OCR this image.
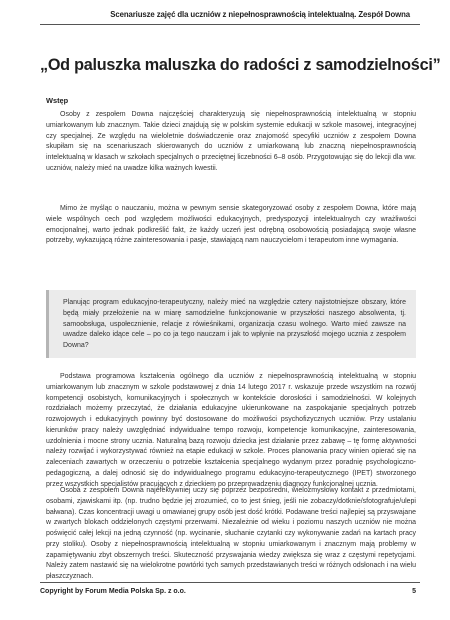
Scenariusze zajęć dla uczniów z niepełnosprawnością intelektualną. Zespół Downa
„Od paluszka maluszka do radości z samodzielności”
Wstęp

Osoby z zespołem Downa najczęściej charakteryzują się niepełnosprawnością intelektualną w stopniu umiarkowanym lub znacznym. Takie dzieci znajdują się w polskim systemie edukacji w szkole masowej, integracyjnej czy specjalnej. Ze względu na wieloletnie doświadczenie oraz znajomość specyfiki uczniów z zespołem Downa skupiłam się na scenariuszach skierowanych do uczniów z umiarkowaną lub znaczną niepełnosprawnością intelektualną w klasach w szkołach specjalnych o przeciętnej liczebności 6–8 osób. Przygotowując się do lekcji dla ww. uczniów, należy mieć na uwadze kilka ważnych kwestii.

Mimo że myśląc o nauczaniu, można w pewnym sensie skategoryzować osoby z zespołem Downa, które mają wiele wspólnych cech pod względem możliwości edukacyjnych, predyspozycji intelektualnych czy wrażliwości emocjonalnej, warto jednak podkreślić fakt, że każdy uczeń jest odrębną osobowością posiadającą swoje własne potrzeby, wykazującą różne zainteresowania i pasje, stawiającą nam nauczycielom i terapeutom inne wymagania.

Planując program edukacyjno-terapeutyczny, należy mieć na względzie cztery najistotniejsze obszary, które będą miały przełożenie na w miarę samodzielne funkcjonowanie w przyszłości naszego absolwenta, tj. samoobsługa, uspołecznienie, relacje z rówieśnikami, organizacja czasu wolnego. Warto mieć zawsze na uwadze daleko idące cele – po co ja tego nauczam i jak to wpłynie na przyszłość mojego ucznia z zespołem Downa?

Podstawa programowa kształcenia ogólnego dla uczniów z niepełnosprawnością intelektualną w stopniu umiarkowanym lub znacznym w szkole podstawowej z dnia 14 lutego 2017 r. wskazuje przede wszystkim na rozwój kompetencji osobistych, komunikacyjnych i społecznych w kontekście dorosłości i samodzielności. W kolejnych rozdziałach możemy przeczytać, że działania edukacyjne ukierunkowane na zaspokajanie specjalnych potrzeb rozwojowych i edukacyjnych powinny być dostosowane do możliwości psychofizycznych uczniów. Przy ustalaniu kierunków pracy należy uwzględniać indywidualne tempo rozwoju, kompetencje komunikacyjne, zainteresowania, uzdolnienia i mocne strony ucznia. Naturalną bazą rozwoju dziecka jest działanie przez zabawę – tę formę aktywności należy rozwijać i wykorzystywać również na etapie edukacji w szkole. Proces planowania pracy winien opierać się na zaleceniach zawartych w orzeczeniu o potrzebie kształcenia specjalnego wydanym przez poradnię psychologiczno-pedagogiczną, a dalej odnosić się do indywidualnego programu edukacyjno-terapeutycznego (IPET) stworzonego przez wszystkich specjalistów pracujących z dzieckiem po przeprowadzeniu diagnozy funkcjonalnej ucznia.

Osoba z zespołem Downa najefektywniej uczy się poprzez bezpośredni, wielozmysłowy kontakt z przedmiotami, osobami, zjawiskami itp. (np. trudno będzie jej zrozumieć, co to jest śnieg, jeśli nie zobaczy/dotknie/sfotografuje/ulepi bałwana). Czas koncentracji uwagi u omawianej grupy osób jest dość krótki. Podawane treści najlepiej są przyswajane w zwartych blokach oddzielonych częstymi przerwami. Niezależnie od wieku i poziomu naszych uczniów nie można poświęcić całej lekcji na jedną czynność (np. wycinanie, słuchanie czytanki czy wykonywanie zadań na kartach pracy przy stoliku). Osoby z niepełnosprawnością intelektualną w stopniu umiarkowanym i znacznym mają problemy w zapamiętywaniu zbyt obszernych treści. Skuteczność przyswajania wiedzy zwiększa się wraz z częstymi repetycjami. Należy zatem nastawić się na wielokrotne powtórki tych samych przedstawianych treści w różnych odsłonach i na wielu płaszczyznach.

Copyright by Forum Media Polska Sp. z o.o.	5
